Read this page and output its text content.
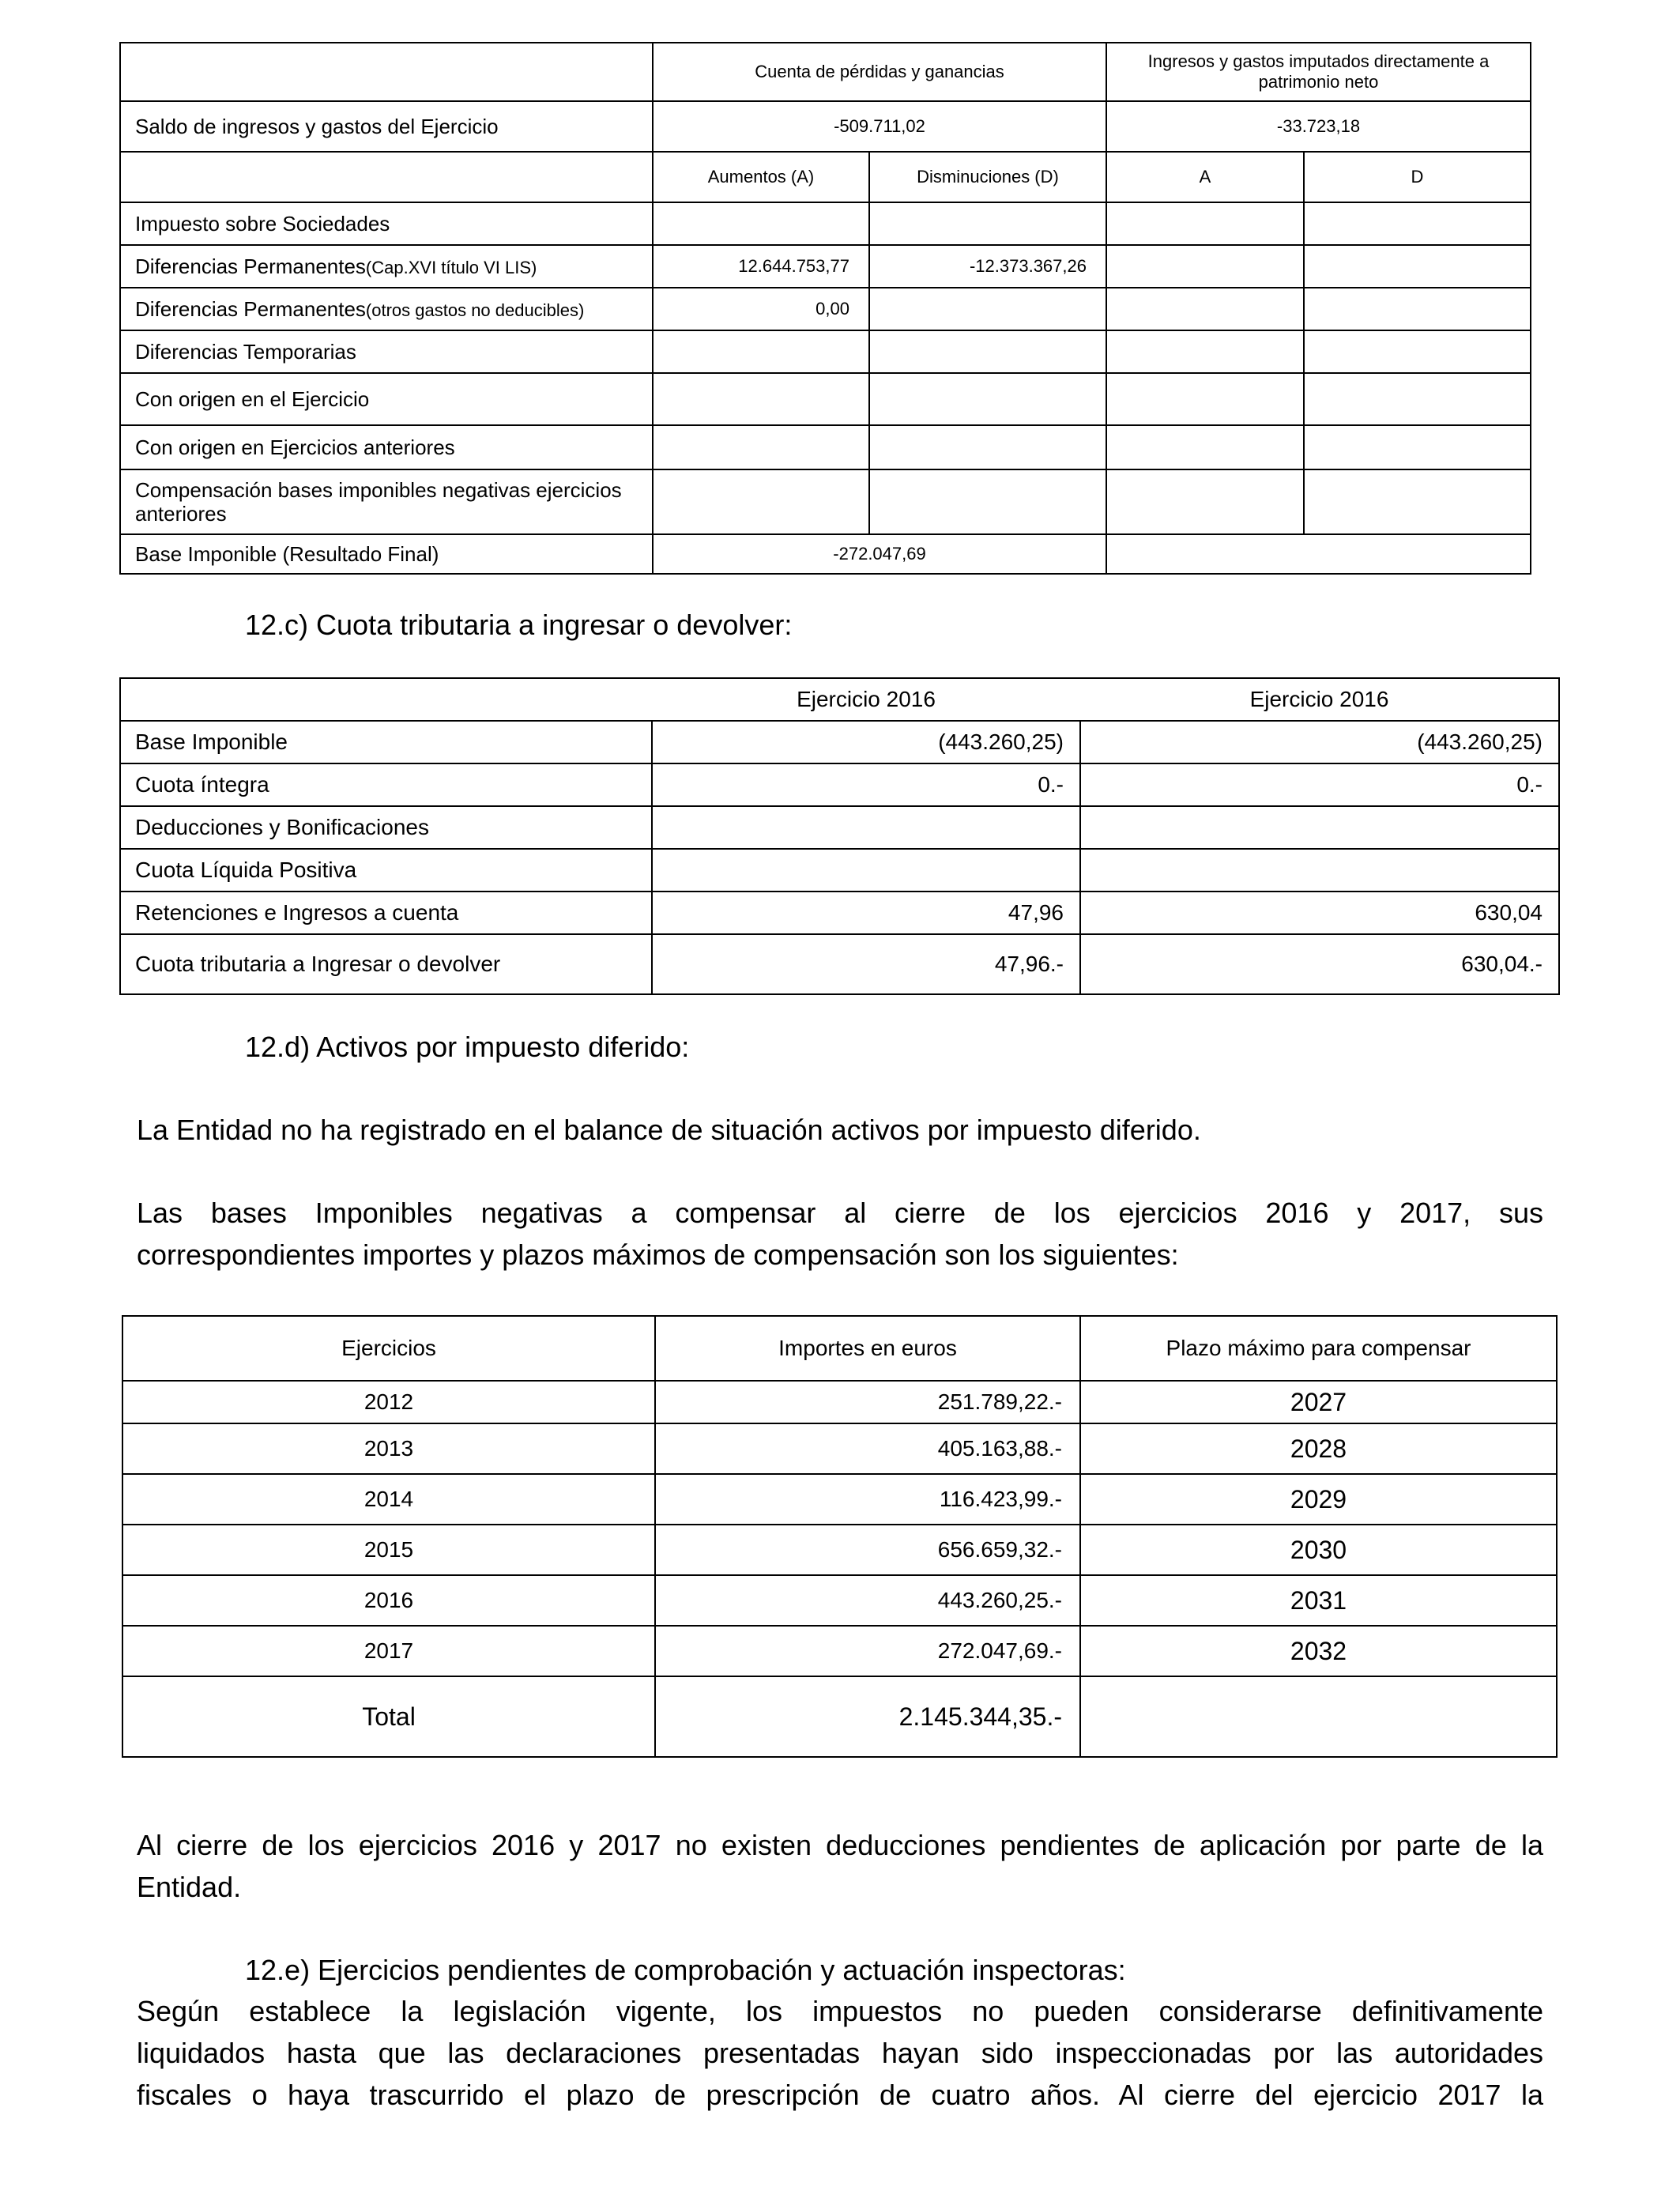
	Cuenta de pérdidas y ganancias		Ingresos y gastos imputados directamente a patrimonio neto	
Saldo de ingresos y gastos del Ejercicio	-509.711,02		-33.723,18	
	Aumentos (A)	Disminuciones (D)	A	D
Impuesto sobre Sociedades				
Diferencias Permanentes(Cap.XVI título VI LIS)	12.644.753,77	-12.373.367,26		
Diferencias Permanentes(otros gastos no deducibles)	0,00			
Diferencias Temporarias				
Con origen en el Ejercicio				
Con origen en Ejercicios anteriores				
Compensación bases imponibles negativas ejercicios anteriores				
Base Imponible (Resultado Final)	-272.047,69			
12.c) Cuota tributaria a ingresar o devolver:
	Ejercicio 2016	Ejercicio 2016
Base Imponible	(443.260,25)	(443.260,25)
Cuota íntegra	0.-	0.-
Deducciones y Bonificaciones		
Cuota Líquida Positiva		
Retenciones e Ingresos a cuenta	47,96	630,04
Cuota tributaria a Ingresar o devolver	47,96.-	630,04.-
12.d) Activos por impuesto diferido:
La Entidad no ha registrado en el balance de situación activos por impuesto diferido.
Las bases Imponibles negativas a compensar al cierre de los ejercicios 2016 y 2017, sus
correspondientes importes y plazos máximos de compensación son los siguientes:
Ejercicios	Importes en euros	Plazo máximo para compensar
2012	251.789,22.-	2027
2013	405.163,88.-	2028
2014	116.423,99.-	2029
2015	656.659,32.-	2030
2016	443.260,25.-	2031
2017	272.047,69.-	2032
Total	2.145.344,35.-	
Al cierre de los ejercicios 2016 y 2017 no existen deducciones pendientes de aplicación por parte de la
Entidad.
12.e) Ejercicios pendientes de comprobación y actuación inspectoras:
Según establece la legislación vigente, los impuestos no pueden considerarse definitivamente
liquidados hasta que las declaraciones presentadas hayan sido inspeccionadas por las autoridades
fiscales o haya trascurrido el plazo de prescripción de cuatro años. Al cierre del ejercicio 2017 la
